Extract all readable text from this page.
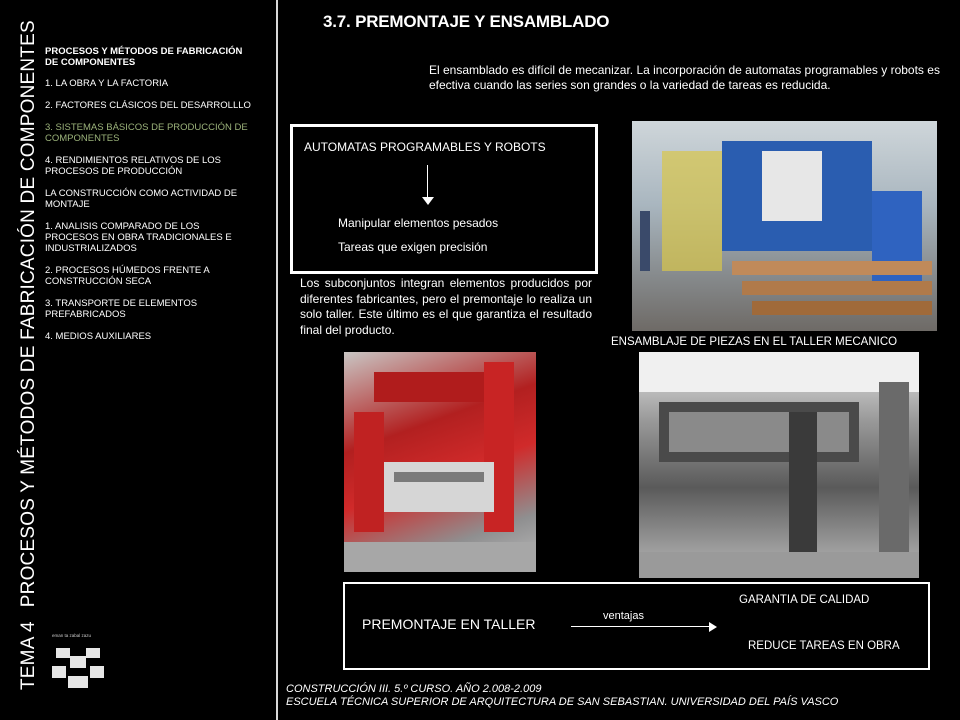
TEMA 4PROCESOS Y MÉTODOS DE FABRICACIÓN DE COMPONENTES PROCESOS Y MÉTODOS DE FABRICACIÓN
DE COMPONENTES
1. LA OBRA Y LA FACTORIA
2. FACTORES CLÁSICOS DEL DESARROLLLO
3. SISTEMAS BÁSICOS DE PRODUCCIÓN DE COMPONENTES
4. RENDIMIENTOS RELATIVOS DE LOS PROCESOS DE PRODUCCIÓN
LA CONSTRUCCIÓN COMO ACTIVIDAD DE MONTAJE
1. ANALISIS COMPARADO DE LOS PROCESOS EN OBRA TRADICIONALES E INDUSTRIALIZADOS
2. PROCESOS HÚMEDOS FRENTE A CONSTRUCCIÓN SECA
3. TRANSPORTE DE ELEMENTOS PREFABRICADOS
4. MEDIOS AUXILIARES
eman ta zabal zazu
3.7. PREMONTAJE Y ENSAMBLADO
El ensamblado es difícil de mecanizar. La incorporación de automatas programables y robots es efectiva cuando las series son grandes o la variedad de tareas es reducida.
AUTOMATAS PROGRAMABLES Y ROBOTS
Manipular elementos pesados
Tareas que exigen precisión
Los subconjuntos integran elementos producidos por diferentes fabricantes, pero el premontaje lo realiza un solo taller. Este último es el que garantiza el resultado final del producto.
ENSAMBLAJE DE PIEZAS EN EL TALLER MECANICO
GARANTIA DE CALIDAD
PREMONTAJE EN TALLER	ventajas
REDUCE TAREAS EN OBRA
CONSTRUCCIÓN III. 5.º CURSO. AÑO 2.008-2.009
ESCUELA TÉCNICA SUPERIOR DE ARQUITECTURA DE SAN SEBASTIAN. UNIVERSIDAD DEL PAÍS VASCO
